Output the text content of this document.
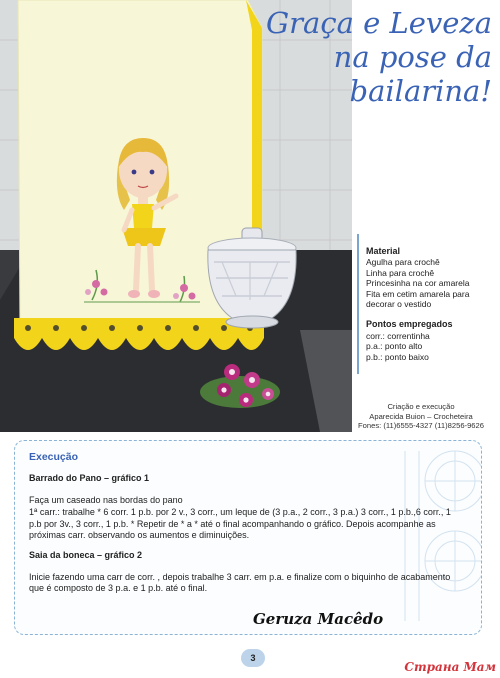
Graça e Leveza
na pose da
bailarina!
Material
Agulha para crochê
Linha para crochê
Princesinha na cor amarela
Fita em cetim amarela para
decorar o vestido
Pontos empregados
corr.: correntinha
p.a.: ponto alto
p.b.: ponto baixo
Criação e execução
Aparecida Buion – Crocheteira
Fones: (11)6555-4327 (11)8256-9626
Execução
Barrado do Pano – gráfico 1

Faça um caseado nas bordas do pano

1ª carr.: trabalhe * 6 corr. 1 p.b. por 2 v., 3 corr., um leque de (3 p.a., 2 corr., 3 p.a.) 3 corr., 1 p.b.,6 corr., 1 p.b por 3v., 3 corr., 1 p.b. * Repetir de * a * até o final acompanhando o gráfico. Depois acompanhe as próximas carr. observando os aumentos e diminuições.

Saia da boneca – gráfico 2

Inicie fazendo uma carr de corr. , depois trabalhe 3 carr. em p.a. e finalize com o biquinho de acabamento que é composto de 3 p.a. e 1 p.b. até o final.

Geruza Macêdo
3
Страна Мам
